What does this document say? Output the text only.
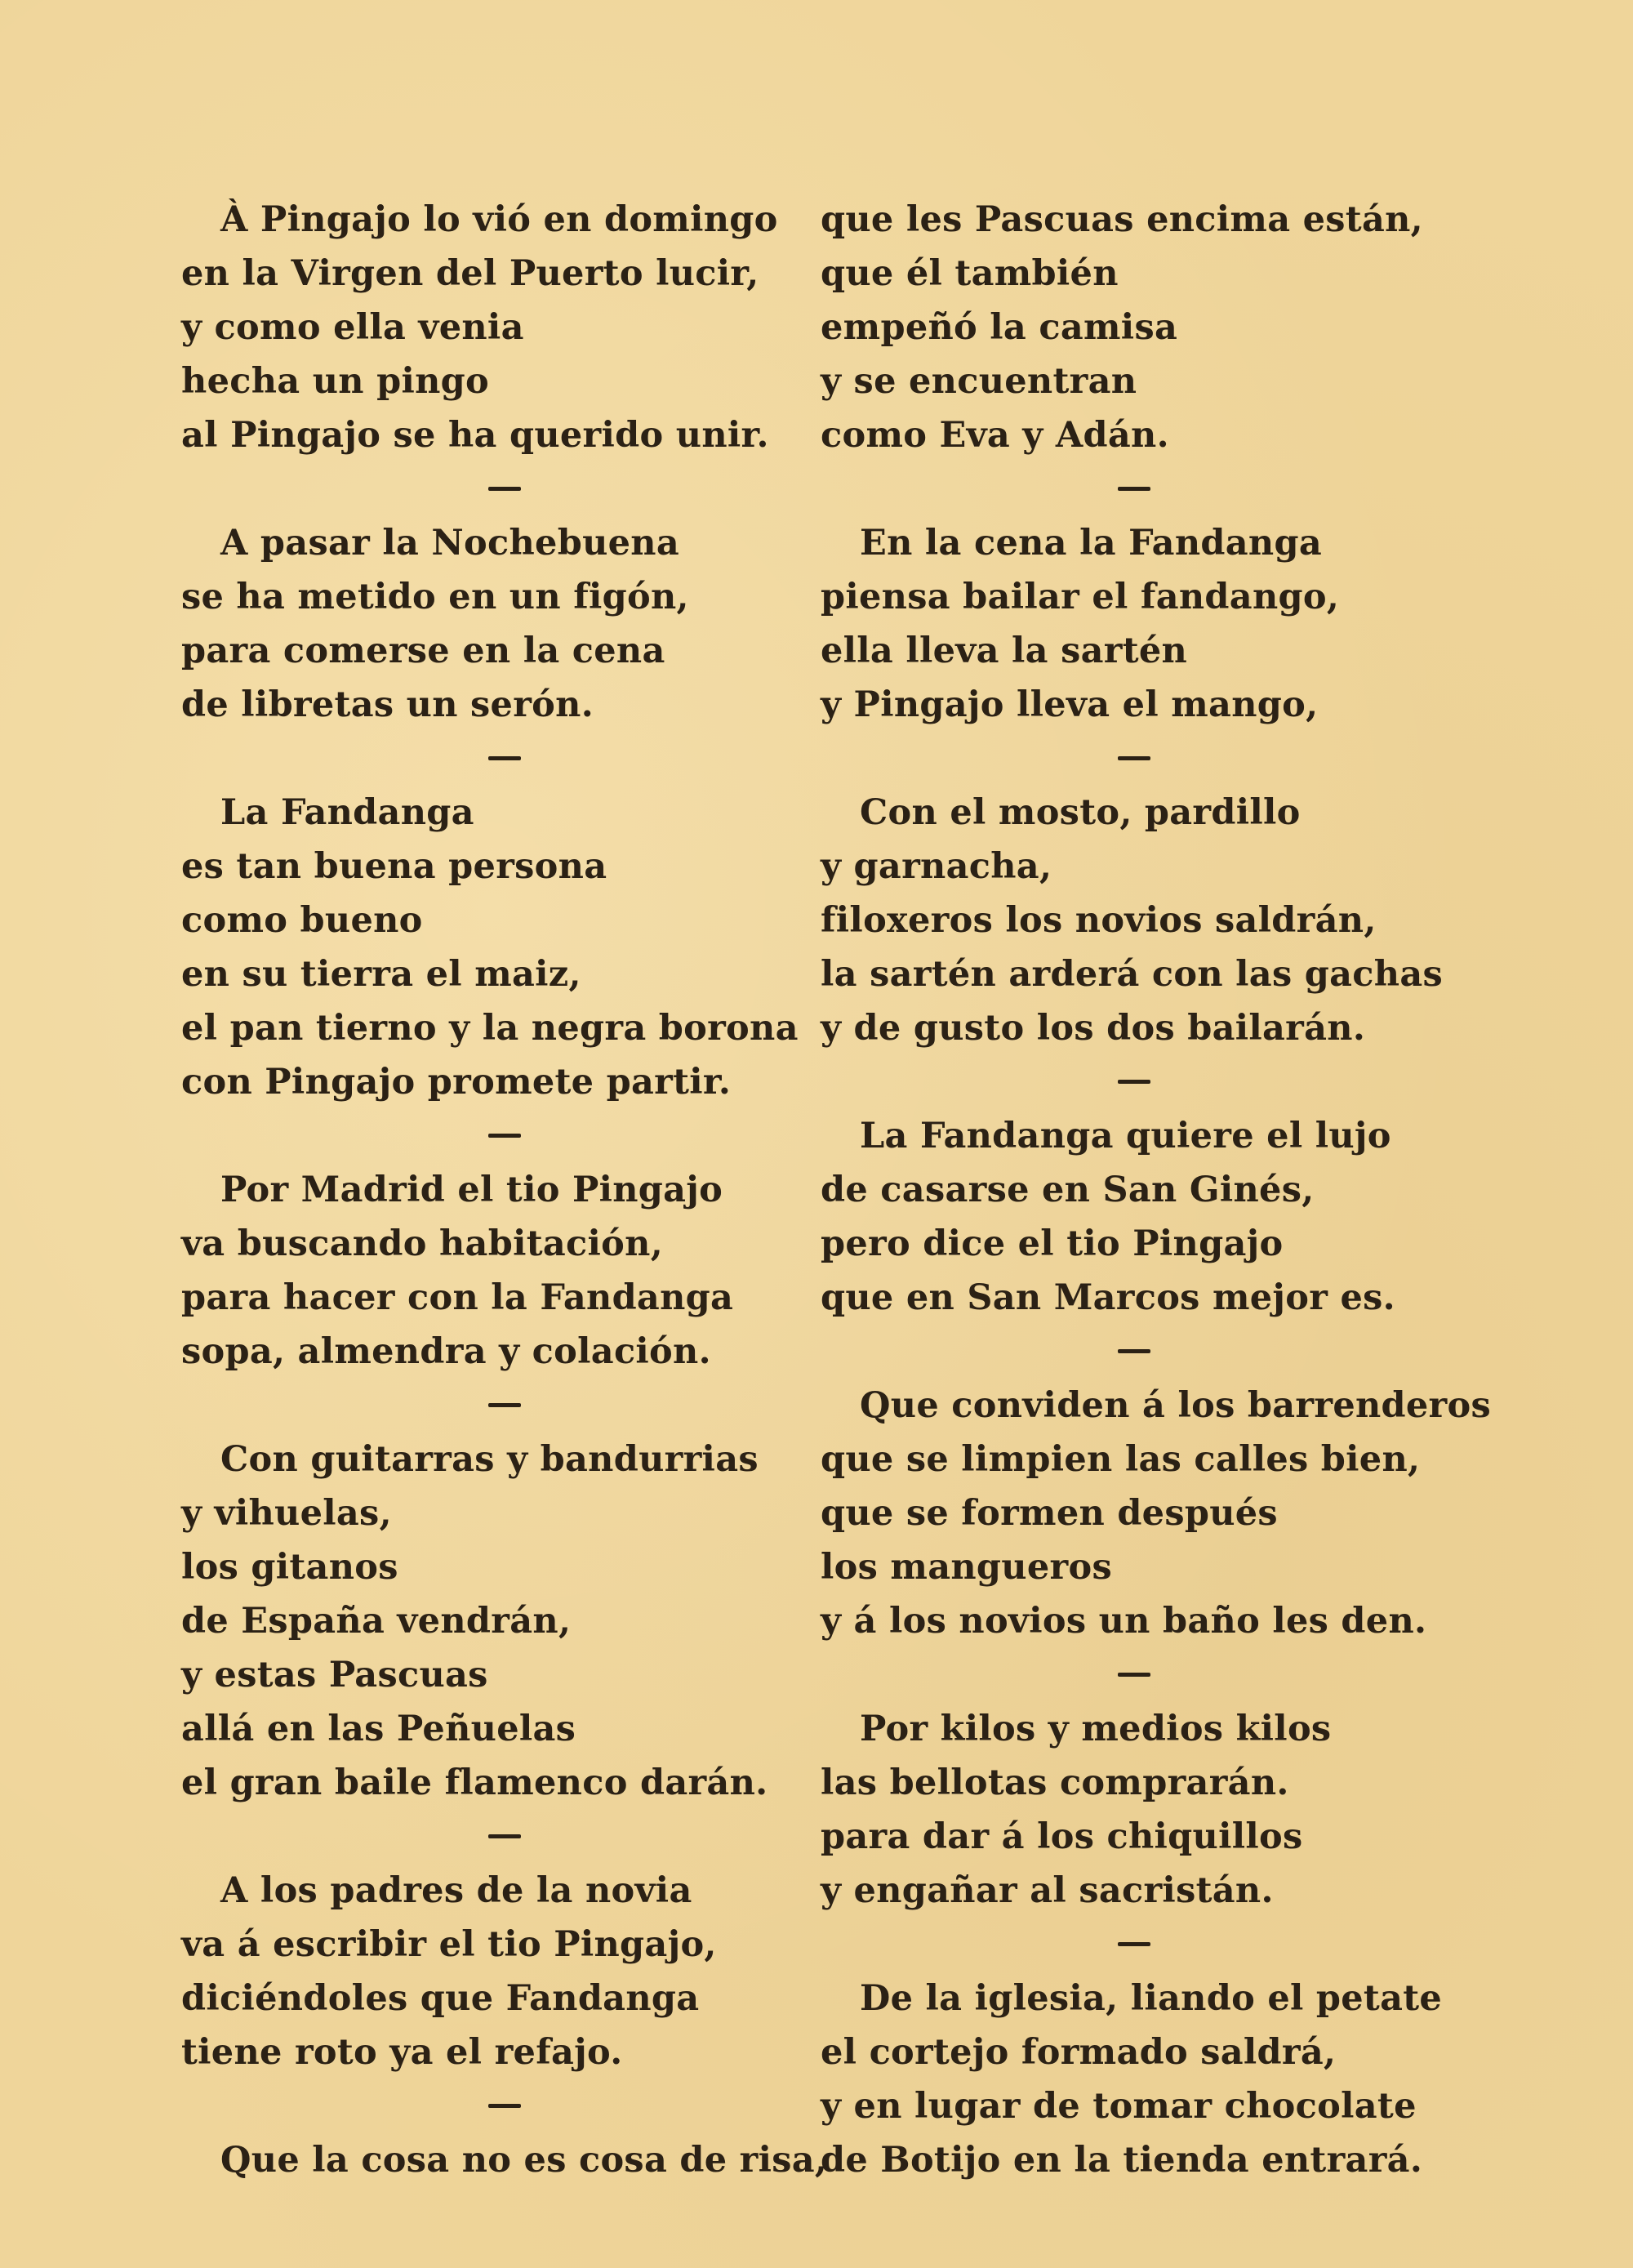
À Pingajo lo vió en domingo
en la Virgen del Puerto lucir,
y como ella venia
hecha un pingo
al Pingajo se ha querido unir.
A pasar la Nochebuena
se ha metido en un figón,
para comerse en la cena
de libretas un serón.
La Fandanga
es tan buena persona
como bueno
en su tierra el maiz,
el pan tierno y la negra borona
con Pingajo promete partir.
Por Madrid el tio Pingajo
va buscando habitación,
para hacer con la Fandanga
sopa, almendra y colación.
Con guitarras y bandurrias
y vihuelas,
los gitanos
de España vendrán,
y estas Pascuas
allá en las Peñuelas
el gran baile flamenco darán.
A los padres de la novia
va á escribir el tio Pingajo,
diciéndoles que Fandanga
tiene roto ya el refajo.
Que la cosa no es cosa de risa,
que les Pascuas encima están,
que él también
empeñó la camisa
y se encuentran
como Eva y Adán.
En la cena la Fandanga
piensa bailar el fandango,
ella lleva la sartén
y Pingajo lleva el mango,
Con el mosto, pardillo
y garnacha,
filoxeros los novios saldrán,
la sartén arderá con las gachas
y de gusto los dos bailarán.
La Fandanga quiere el lujo
de casarse en San Ginés,
pero dice el tio Pingajo
que en San Marcos mejor es.
Que conviden á los barrenderos
que se limpien las calles bien,
que se formen después
los mangueros
y á los novios un baño les den.
Por kilos y medios kilos
las bellotas comprarán.
para dar á los chiquillos
y engañar al sacristán.
De la iglesia, liando el petate
el cortejo formado saldrá,
y en lugar de tomar chocolate
de Botijo en la tienda entrará.
